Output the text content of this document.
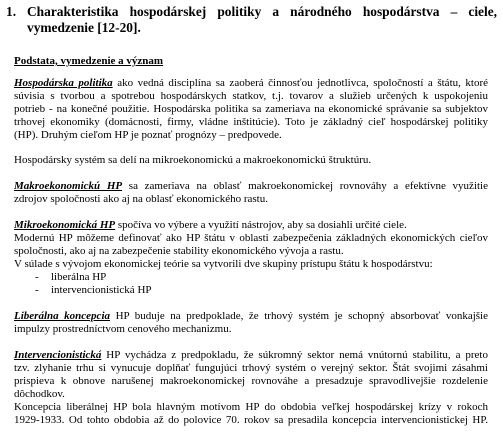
1. Charakteristika hospodárskej politiky a národného hospodárstva – ciele,
vymedzenie [12-20].
Podstata, vymedzenie a význam
Hospodárska politika ako vedná disciplína sa zaoberá činnosťou jednotlivca, spoločností a štátu, ktoré
súvisia s tvorbou a spotrebou hospodárskych statkov, t.j. tovarov a služieb určených k uspokojeniu
potrieb - na konečné použitie. Hospodárska politika sa zameriava na ekonomické správanie sa subjektov
trhovej ekonomiky (domácnosti, firmy, vládne inštitúcie). Toto je základný cieľ hospodárskej politiky
(HP). Druhým cieľom HP je poznať prognózy – predpovede.
Hospodársky systém sa delí na mikroekonomickú a makroekonomickú štruktúru.
Makroekonomickú HP sa zameriava na oblasť makroekonomickej rovnováhy a efektívne využitie
zdrojov spoločnosti ako aj na oblasť ekonomického rastu.
Mikroekonomická HP spočíva vo výbere a využití nástrojov, aby sa dosiahli určité ciele.
Modernú HP môžeme definovať ako HP štátu v oblasti zabezpečenia základných ekonomických cieľov
spoločnosti, ako aj na zabezpečenie stability ekonomického vývoja a rastu.
V súlade s vývojom ekonomickej teórie sa vytvorili dve skupiny prístupu štátu k hospodárstvu:
- liberálna HP
- intervencionistická HP
Liberálna koncepcia HP buduje na predpoklade, že trhový systém je schopný absorbovať vonkajšie
impulzy prostredníctvom cenového mechanizmu.
Intervencionistická HP vychádza z predpokladu, že súkromný sektor nemá vnútornú stabilitu, a preto
tzv. zlyhanie trhu si vynucuje doplňať fungujúci trhový systém o verejný sektor. Štát svojimi zásahmi
prispieva k obnove narušenej makroekonomickej rovnováhe a presadzuje spravodlivejšie rozdelenie
dôchodkov.
Koncepcia liberálnej HP bola hlavným motívom HP do obdobia veľkej hospodárskej krízy v rokoch
1929-1933. Od tohto obdobia až do polovice 70. rokov sa presadila koncepcia intervencionistickej HP.
